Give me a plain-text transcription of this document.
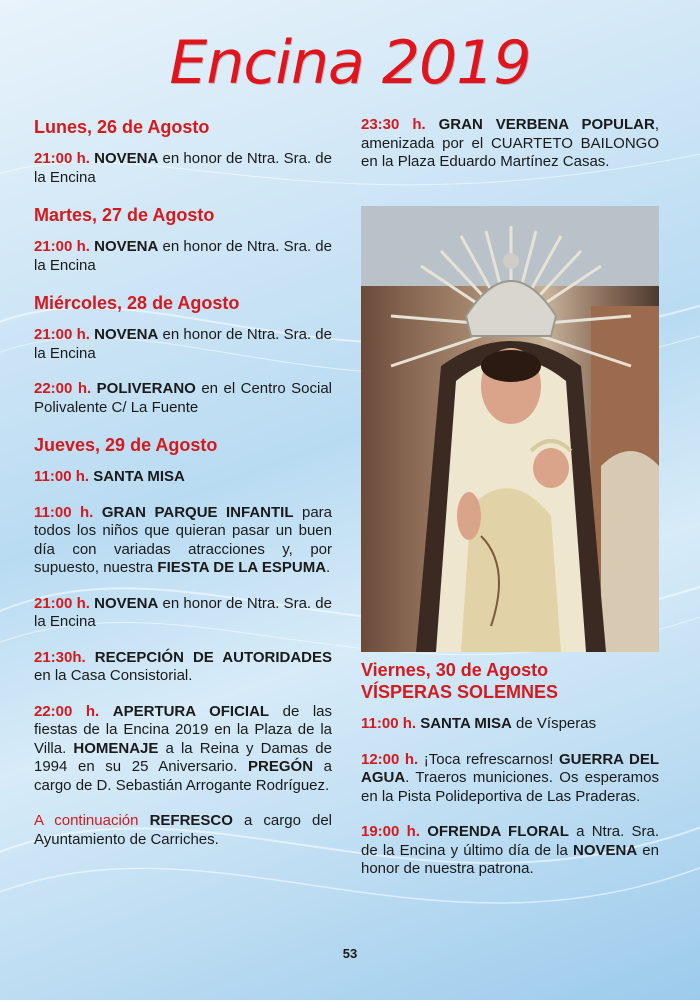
Encina 2019

Lunes, 26 de Agosto

21:00 h. NOVENA en honor de Ntra. Sra. de la Encina

Martes, 27 de Agosto

21:00 h. NOVENA en honor de Ntra. Sra. de la Encina

Miércoles, 28 de Agosto

21:00 h. NOVENA en honor de Ntra. Sra. de la Encina

22:00 h. POLIVERANO en el Centro Social Polivalente C/ La Fuente

Jueves, 29 de Agosto

11:00 h. SANTA MISA

11:00 h. GRAN PARQUE INFANTIL para todos los niños que quieran pasar un buen día con variadas atracciones y, por supuesto, nuestra FIESTA DE LA ESPUMA.

21:00 h. NOVENA en honor de Ntra. Sra. de la Encina

21:30h. RECEPCIÓN DE AUTORIDADES en la Casa Consistorial.

22:00 h. APERTURA OFICIAL de las fiestas de la Encina 2019 en la Plaza de la Villa. HOMENAJE a la Reina y Damas de 1994 en su 25 Aniversario. PREGÓN a cargo de D. Sebastián Arrogante Rodríguez.

A continuación REFRESCO a cargo del Ayuntamiento de Carriches.

23:30 h. GRAN VERBENA POPULAR, amenizada por el CUARTETO BAILONGO en la Plaza Eduardo Martínez Casas.

Viernes, 30 de Agosto

VÍSPERAS SOLEMNES

11:00 h. SANTA MISA de Vísperas

12:00 h. ¡Toca refrescarnos! GUERRA DEL AGUA. Traeros municiones. Os esperamos en la Pista Polideportiva de Las Praderas.

19:00 h. OFRENDA FLORAL a Ntra. Sra. de la Encina y último día de la NOVENA en honor de nuestra patrona.

53
